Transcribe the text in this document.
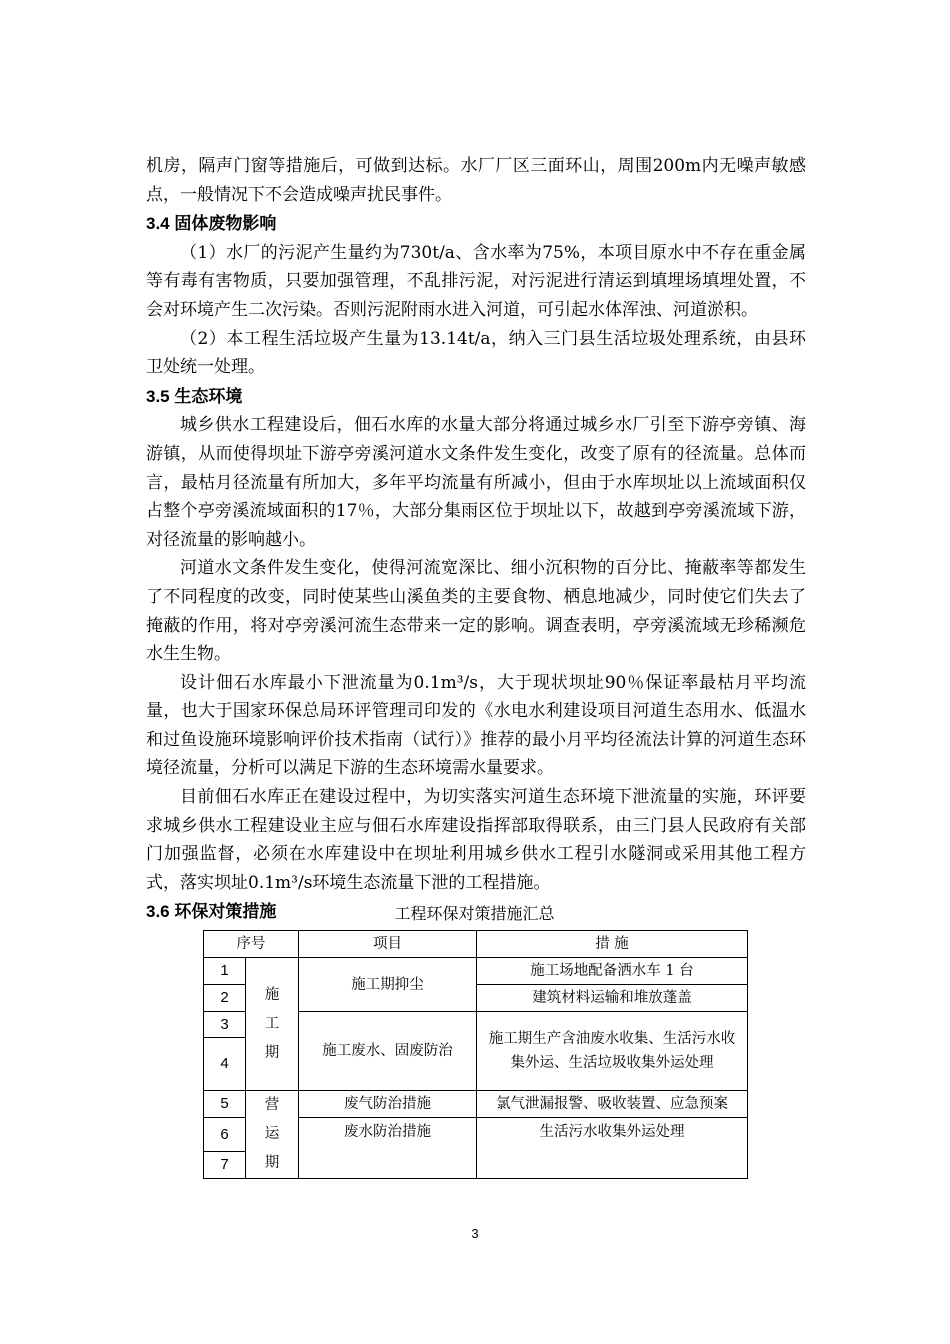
机房，隔声门窗等措施后，可做到达标。水厂厂区三面环山，周围200m内无噪声敏感点，一般情况下不会造成噪声扰民事件。

3.4 固体废物影响

（1）水厂的污泥产生量约为730t/a、含水率为75%，本项目原水中不存在重金属等有毒有害物质，只要加强管理，不乱排污泥，对污泥进行清运到填埋场填埋处置，不会对环境产生二次污染。否则污泥附雨水进入河道，可引起水体浑浊、河道淤积。

（2）本工程生活垃圾产生量为13.14t/a，纳入三门县生活垃圾处理系统，由县环卫处统一处理。

3.5 生态环境

城乡供水工程建设后，佃石水库的水量大部分将通过城乡水厂引至下游亭旁镇、海游镇，从而使得坝址下游亭旁溪河道水文条件发生变化，改变了原有的径流量。总体而言，最枯月径流量有所加大，多年平均流量有所减小，但由于水库坝址以上流域面积仅占整个亭旁溪流域面积的17％，大部分集雨区位于坝址以下，故越到亭旁溪流域下游，对径流量的影响越小。

河道水文条件发生变化，使得河流宽深比、细小沉积物的百分比、掩蔽率等都发生了不同程度的改变，同时使某些山溪鱼类的主要食物、栖息地减少，同时使它们失去了掩蔽的作用，将对亭旁溪河流生态带来一定的影响。调查表明，亭旁溪流域无珍稀濒危水生生物。

设计佃石水库最小下泄流量为0.1m³/s，大于现状坝址90％保证率最枯月平均流量，也大于国家环保总局环评管理司印发的《水电水利建设项目河道生态用水、低温水和过鱼设施环境影响评价技术指南（试行）》推荐的最小月平均径流法计算的河道生态环境径流量，分析可以满足下游的生态环境需水量要求。

目前佃石水库正在建设过程中，为切实落实河道生态环境下泄流量的实施，环评要求城乡供水工程建设业主应与佃石水库建设指挥部取得联系，由三门县人民政府有关部门加强监督，必须在水库建设中在坝址利用城乡供水工程引水隧洞或采用其他工程方式，落实坝址0.1m³/s环境生态流量下泄的工程措施。

3.6 环保对策措施	工程环保对策措施汇总
序号		项目	措 施
1	施工期	施工期抑尘	施工场地配备洒水车 1 台
2			建筑材料运输和堆放蓬盖
3		施工废水、固废防治	施工期生产含油废水收集、生活污水收集外运、生活垃圾收集外运处理
4			
5	营运期	废气防治措施	氯气泄漏报警、吸收装置、应急预案
6		废水防治措施	生活污水收集外运处理
7			
3
